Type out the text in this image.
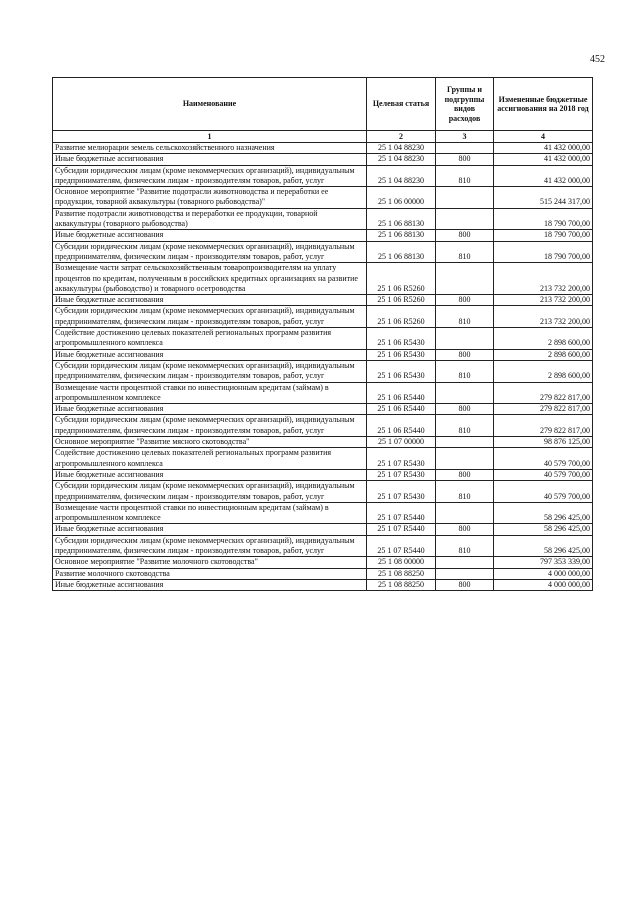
452
Наименование	Целевая статья	Группы и подгруппы видов расходов	Измененные бюджетные ассигнования на 2018 год
1	2	3	4
Развитие мелиорации земель сельскохозяйственного назначения	25 1 04 88230		41 432 000,00
Иные бюджетные ассигнования	25 1 04 88230	800	41 432 000,00
Субсидии юридическим лицам (кроме некоммерческих организаций), индивидуальным предпринимателям, физическим лицам - производителям товаров, работ, услуг	25 1 04 88230	810	41 432 000,00
Основное мероприятие "Развитие подотрасли животноводства и переработки ее продукции, товарной аквакультуры (товарного рыбоводства)"	25 1 06 00000		515 244 317,00
Развитие подотрасли животноводства и переработки ее продукции, товарной аквакультуры (товарного рыбоводства)	25 1 06 88130		18 790 700,00
Иные бюджетные ассигнования	25 1 06 88130	800	18 790 700,00
Субсидии юридическим лицам (кроме некоммерческих организаций), индивидуальным предпринимателям, физическим лицам - производителям товаров, работ, услуг	25 1 06 88130	810	18 790 700,00
Возмещение части затрат сельскохозяйственным товаропроизводителям на уплату процентов по кредитам, полученным в российских кредитных организациях на развитие аквакультуры (рыбоводство) и товарного осетроводства	25 1 06 R5260		213 732 200,00
Иные бюджетные ассигнования	25 1 06 R5260	800	213 732 200,00
Субсидии юридическим лицам (кроме некоммерческих организаций), индивидуальным предпринимателям, физическим лицам - производителям товаров, работ, услуг	25 1 06 R5260	810	213 732 200,00
Содействие достижению целевых показателей региональных программ развития агропромышленного комплекса	25 1 06 R5430		2 898 600,00
Иные бюджетные ассигнования	25 1 06 R5430	800	2 898 600,00
Субсидии юридическим лицам (кроме некоммерческих организаций), индивидуальным предпринимателям, физическим лицам - производителям товаров, работ, услуг	25 1 06 R5430	810	2 898 600,00
Возмещение части процентной ставки по инвестиционным кредитам (займам) в агропромышленном комплексе	25 1 06 R5440		279 822 817,00
Иные бюджетные ассигнования	25 1 06 R5440	800	279 822 817,00
Субсидии юридическим лицам (кроме некоммерческих организаций), индивидуальным предпринимателям, физическим лицам - производителям товаров, работ, услуг	25 1 06 R5440	810	279 822 817,00
Основное мероприятие "Развитие мясного скотоводства"	25 1 07 00000		98 876 125,00
Содействие достижению целевых показателей региональных программ развития агропромышленного комплекса	25 1 07 R5430		40 579 700,00
Иные бюджетные ассигнования	25 1 07 R5430	800	40 579 700,00
Субсидии юридическим лицам (кроме некоммерческих организаций), индивидуальным предпринимателям, физическим лицам - производителям товаров, работ, услуг	25 1 07 R5430	810	40 579 700,00
Возмещение части процентной ставки по инвестиционным кредитам (займам) в агропромышленном комплексе	25 1 07 R5440		58 296 425,00
Иные бюджетные ассигнования	25 1 07 R5440	800	58 296 425,00
Субсидии юридическим лицам (кроме некоммерческих организаций), индивидуальным предпринимателям, физическим лицам - производителям товаров, работ, услуг	25 1 07 R5440	810	58 296 425,00
Основное мероприятие "Развитие молочного скотоводства"	25 1 08 00000		797 353 339,00
Развитие молочного скотоводства	25 1 08 88250		4 000 000,00
Иные бюджетные ассигнования	25 1 08 88250	800	4 000 000,00
